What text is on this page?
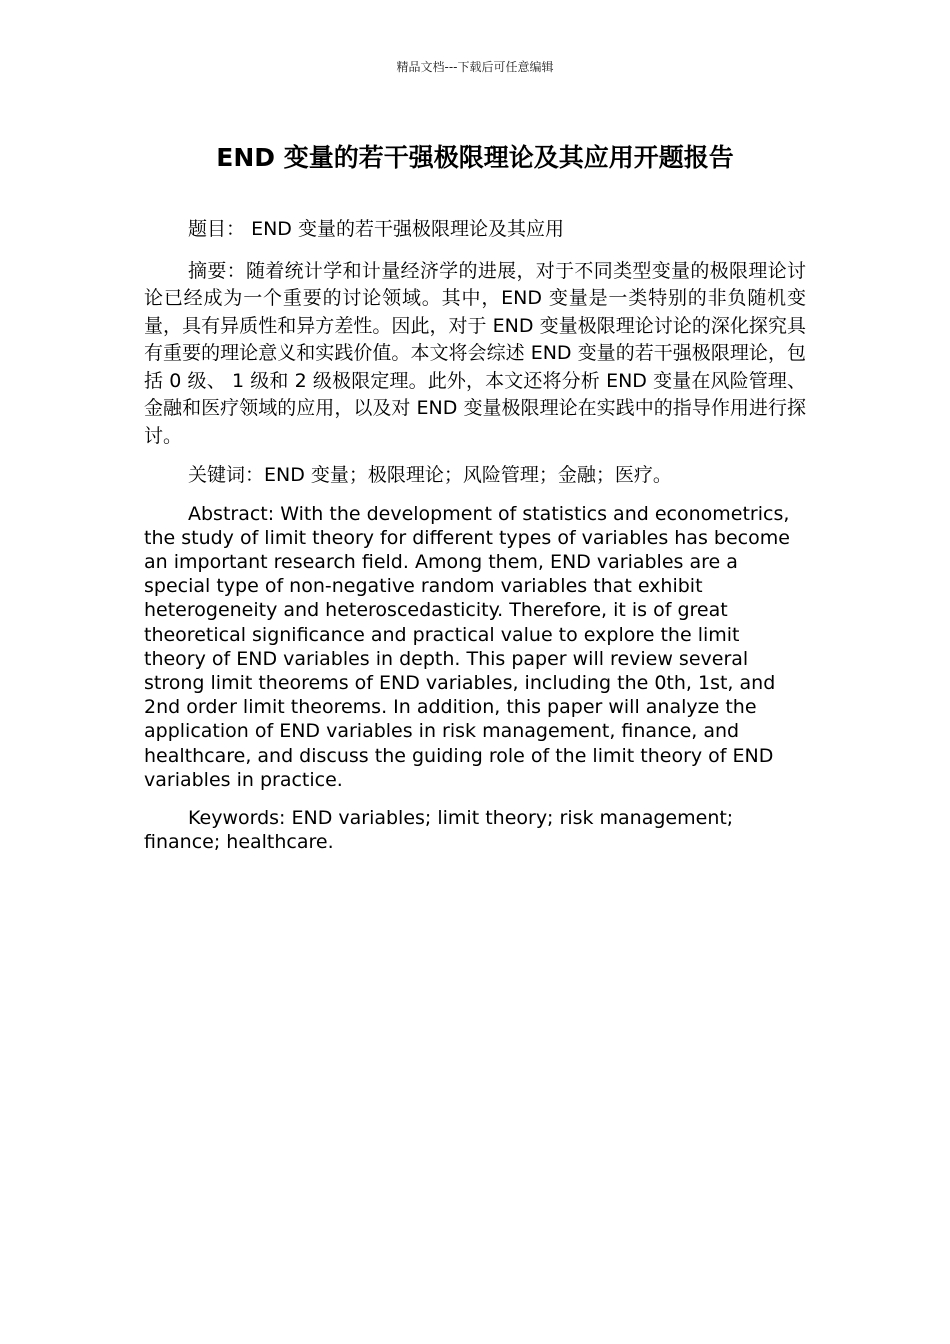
精品文档---下载后可任意编辑
END 变量的若干强极限理论及其应用开题报告

题目： END 变量的若干强极限理论及其应用

摘要：随着统计学和计量经济学的进展，对于不同类型变量的极限理论讨论已经成为一个重要的讨论领域。其中，END 变量是一类特别的非负随机变量，具有异质性和异方差性。因此，对于 END 变量极限理论讨论的深化探究具有重要的理论意义和实践价值。本文将会综述 END 变量的若干强极限理论，包括 0 级、 1 级和 2 级极限定理。此外，本文还将分析 END 变量在风险管理、金融和医疗领域的应用，以及对 END 变量极限理论在实践中的指导作用进行探讨。

关键词：END 变量；极限理论；风险管理；金融；医疗。

Abstract: With the development of statistics and econometrics, the study of limit theory for different types of variables has become an important research field. Among them, END variables are a special type of non-negative random variables that exhibit heterogeneity and heteroscedasticity. Therefore, it is of great theoretical significance and practical value to explore the limit theory of END variables in depth. This paper will review several strong limit theorems of END variables, including the 0th, 1st, and 2nd order limit theorems. In addition, this paper will analyze the application of END variables in risk management, finance, and healthcare, and discuss the guiding role of the limit theory of END variables in practice.

Keywords: END variables; limit theory; risk management; finance; healthcare.
